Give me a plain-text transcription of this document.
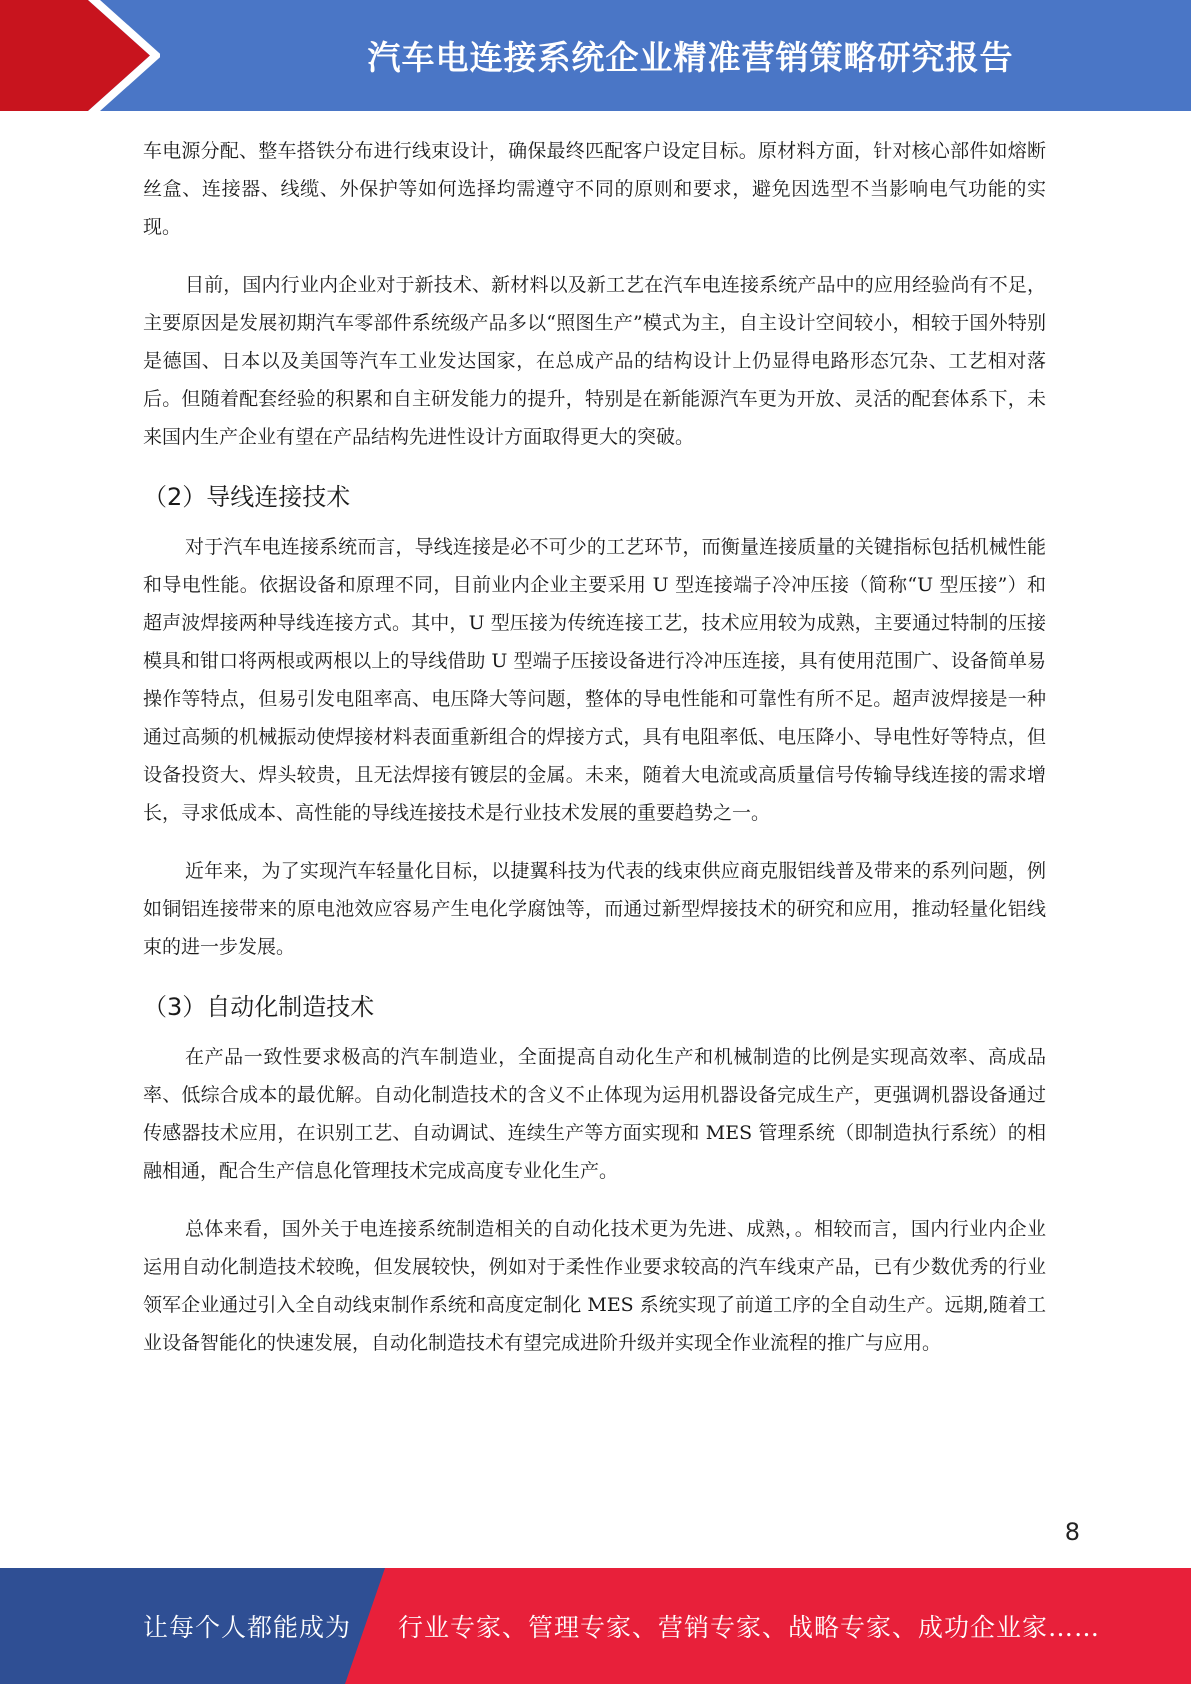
汽车电连接系统企业精准营销策略研究报告

车电源分配、整车搭铁分布进行线束设计，确保最终匹配客户设定目标。原材料方面，针对核心部件如熔断丝盒、连接器、线缆、外保护等如何选择均需遵守不同的原则和要求，避免因选型不当影响电气功能的实现。

目前，国内行业内企业对于新技术、新材料以及新工艺在汽车电连接系统产品中的应用经验尚有不足，主要原因是发展初期汽车零部件系统级产品多以“照图生产”模式为主，自主设计空间较小，相较于国外特别是德国、日本以及美国等汽车工业发达国家，在总成产品的结构设计上仍显得电路形态冗杂、工艺相对落后。但随着配套经验的积累和自主研发能力的提升，特别是在新能源汽车更为开放、灵活的配套体系下，未来国内生产企业有望在产品结构先进性设计方面取得更大的突破。

（2）导线连接技术

对于汽车电连接系统而言，导线连接是必不可少的工艺环节，而衡量连接质量的关键指标包括机械性能和导电性能。依据设备和原理不同，目前业内企业主要采用 U 型连接端子冷冲压接（简称“U 型压接”）和超声波焊接两种导线连接方式。其中，U 型压接为传统连接工艺，技术应用较为成熟，主要通过特制的压接模具和钳口将两根或两根以上的导线借助 U 型端子压接设备进行冷冲压连接，具有使用范围广、设备简单易操作等特点，但易引发电阻率高、电压降大等问题，整体的导电性能和可靠性有所不足。超声波焊接是一种通过高频的机械振动使焊接材料表面重新组合的焊接方式，具有电阻率低、电压降小、导电性好等特点，但设备投资大、焊头较贵，且无法焊接有镀层的金属。未来，随着大电流或高质量信号传输导线连接的需求增长，寻求低成本、高性能的导线连接技术是行业技术发展的重要趋势之一。

近年来，为了实现汽车轻量化目标，以捷翼科技为代表的线束供应商克服铝线普及带来的系列问题，例如铜铝连接带来的原电池效应容易产生电化学腐蚀等，而通过新型焊接技术的研究和应用，推动轻量化铝线束的进一步发展。

（3）自动化制造技术

在产品一致性要求极高的汽车制造业，全面提高自动化生产和机械制造的比例是实现高效率、高成品率、低综合成本的最优解。自动化制造技术的含义不止体现为运用机器设备完成生产，更强调机器设备通过传感器技术应用，在识别工艺、自动调试、连续生产等方面实现和 MES 管理系统（即制造执行系统）的相融相通，配合生产信息化管理技术完成高度专业化生产。

总体来看，国外关于电连接系统制造相关的自动化技术更为先进、成熟，。相较而言，国内行业内企业运用自动化制造技术较晚，但发展较快，例如对于柔性作业要求较高的汽车线束产品，已有少数优秀的行业领军企业通过引入全自动线束制作系统和高度定制化 MES 系统实现了前道工序的全自动生产。远期,随着工业设备智能化的快速发展，自动化制造技术有望完成进阶升级并实现全作业流程的推广与应用。

8
让每个人都能成为 行业专家、管理专家、营销专家、战略专家、成功企业家……
